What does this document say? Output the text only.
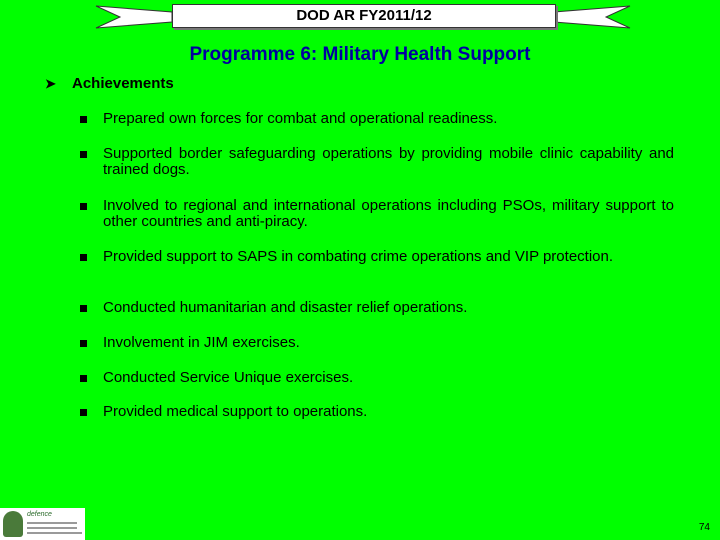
DOD AR FY2011/12
Programme 6: Military Health Support
➤ Achievements
Prepared own forces for combat and operational readiness.
Supported border safeguarding operations by providing mobile clinic capability and trained dogs.
Involved to regional and international operations including PSOs, military support to other countries and anti-piracy.
Provided support to SAPS in combating crime operations and VIP protection.
Conducted humanitarian and disaster relief operations.
Involvement in JIM exercises.
Conducted Service Unique exercises.
Provided medical support to operations.
defence
74
